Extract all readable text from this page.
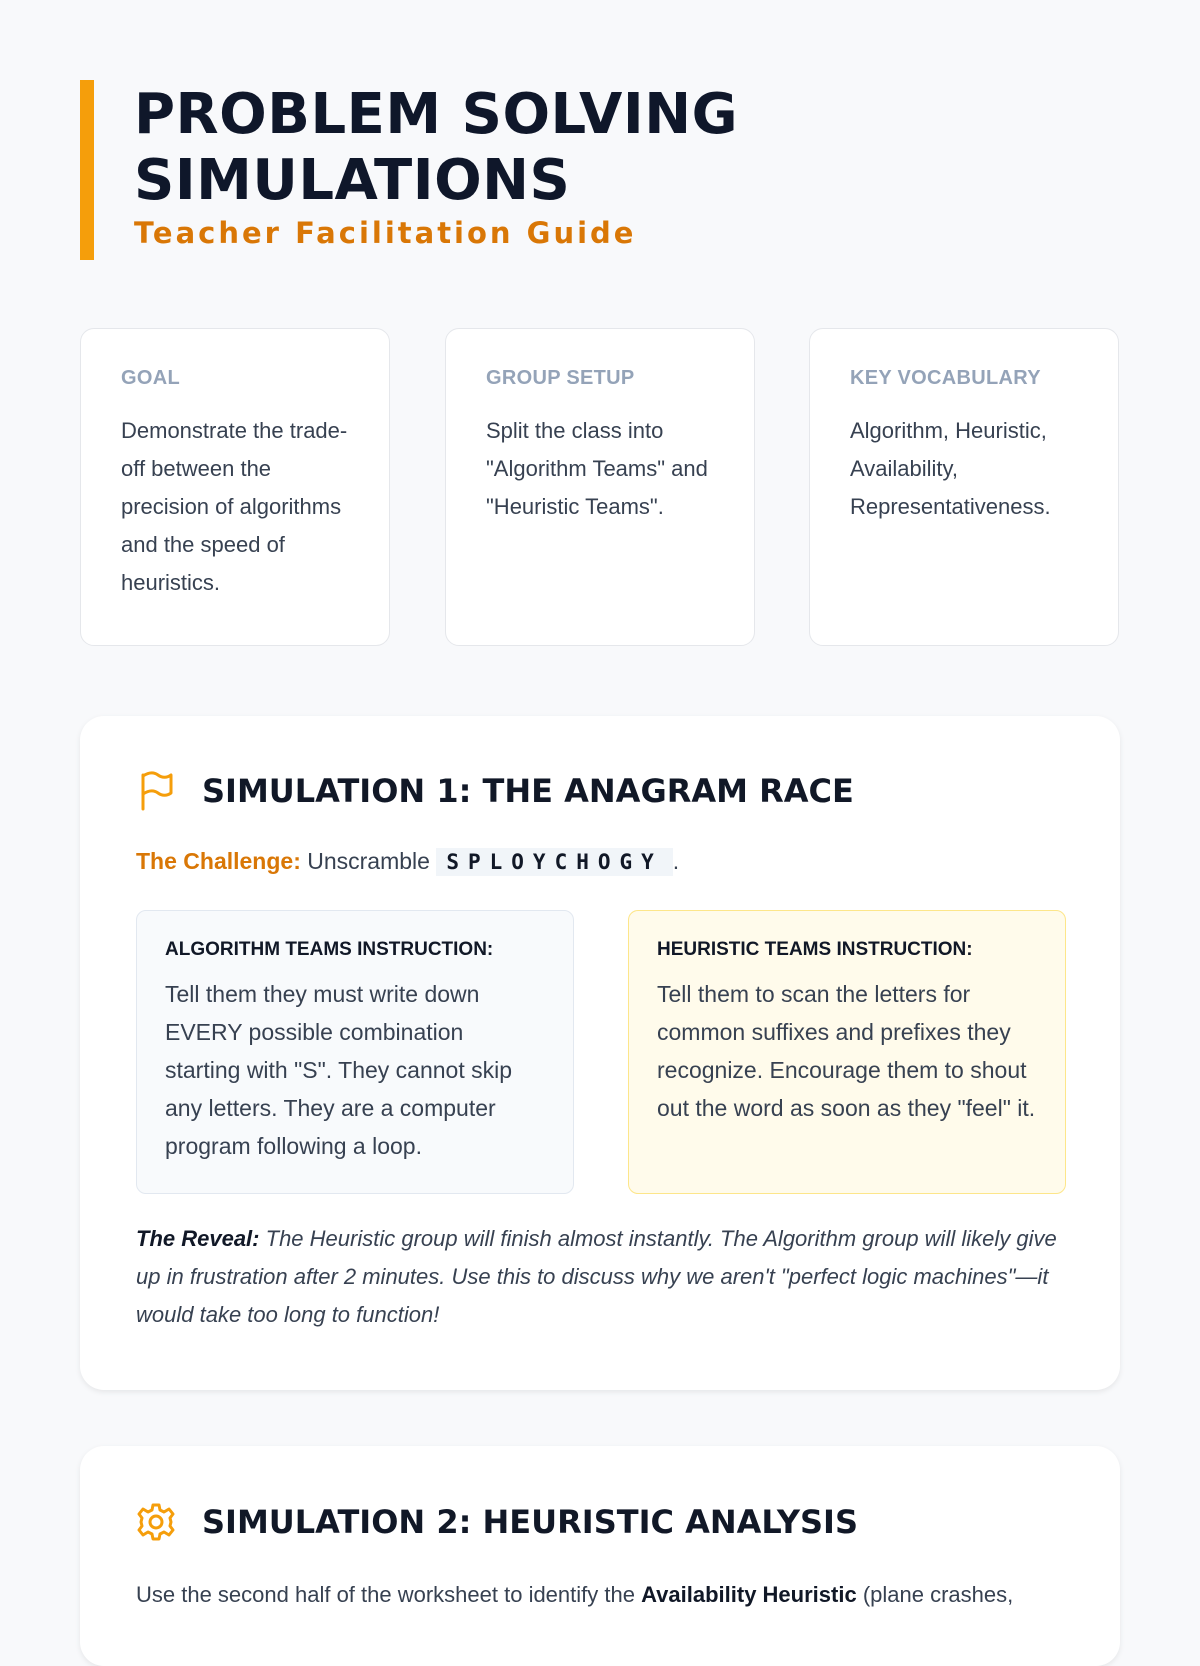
PROBLEM SOLVING
SIMULATIONS
Teacher Facilitation Guide
GOAL
Demonstrate the trade-off between the precision of algorithms and the speed of heuristics.
GROUP SETUP
Split the class into "Algorithm Teams" and "Heuristic Teams".
KEY VOCABULARY
Algorithm, Heuristic, Availability, Representativeness.
SIMULATION 1: THE ANAGRAM RACE
The Challenge: Unscramble SPLOYCHOGY .
ALGORITHM TEAMS INSTRUCTION:
Tell them they must write down EVERY possible combination starting with "S". They cannot skip any letters. They are a computer program following a loop.
HEURISTIC TEAMS INSTRUCTION:
Tell them to scan the letters for common suffixes and prefixes they recognize. Encourage them to shout out the word as soon as they "feel" it.
The Reveal: The Heuristic group will finish almost instantly. The Algorithm group will likely give up in frustration after 2 minutes. Use this to discuss why we aren't "perfect logic machines"—it would take too long to function!
SIMULATION 2: HEURISTIC ANALYSIS
Use the second half of the worksheet to identify the Availability Heuristic (plane crashes,
